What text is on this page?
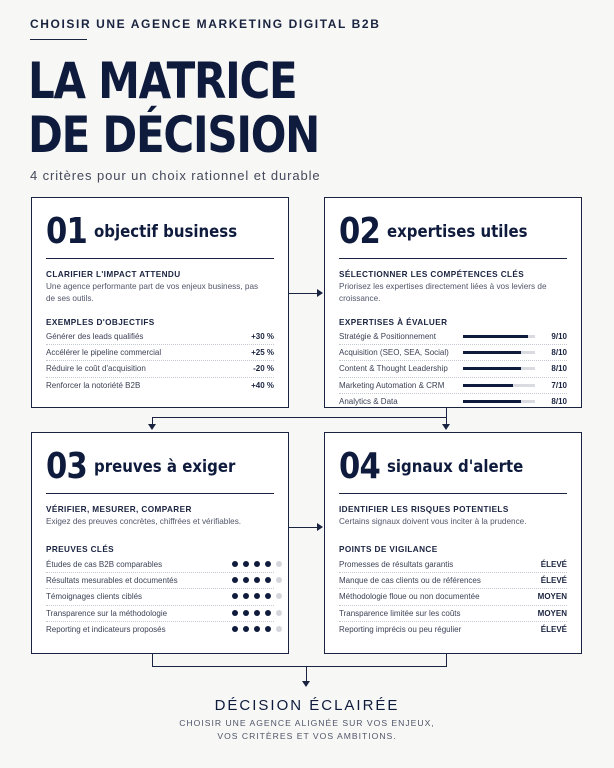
CHOISIR UNE AGENCE MARKETING DIGITAL B2B
LA MATRICE
DE DÉCISION
4 critères pour un choix rationnel et durable
01 objectif business
CLARIFIER L'IMPACT ATTENDU
Une agence performante part de vos enjeux business, pas de ses outils.
EXEMPLES D'OBJECTIFS
Générer des leads qualifiés	+30 %
Accélérer le pipeline commercial	+25 %
Réduire le coût d'acquisition	-20 %
Renforcer la notoriété B2B	+40 %
02 expertises utiles
SÉLECTIONNER LES COMPÉTENCES CLÉS
Priorisez les expertises directement liées à vos leviers de croissance.
EXPERTISES À ÉVALUER
Stratégie & Positionnement	9/10
Acquisition (SEO, SEA, Social)	8/10
Content & Thought Leadership	8/10
Marketing Automation & CRM	7/10
Analytics & Data	8/10
03 preuves à exiger
VÉRIFIER, MESURER, COMPARER
Exigez des preuves concrètes, chiffrées et vérifiables.
PREUVES CLÉS
Études de cas B2B comparables
Résultats mesurables et documentés
Témoignages clients ciblés
Transparence sur la méthodologie
Reporting et indicateurs proposés
04 signaux d'alerte
IDENTIFIER LES RISQUES POTENTIELS
Certains signaux doivent vous inciter à la prudence.
POINTS DE VIGILANCE
Promesses de résultats garantis	ÉLEVÉ
Manque de cas clients ou de références	ÉLEVÉ
Méthodologie floue ou non documentée	MOYEN
Transparence limitée sur les coûts	MOYEN
Reporting imprécis ou peu régulier	ÉLEVÉ
DÉCISION ÉCLAIRÉE
CHOISIR UNE AGENCE ALIGNÉE SUR VOS ENJEUX,
VOS CRITÈRES ET VOS AMBITIONS.
